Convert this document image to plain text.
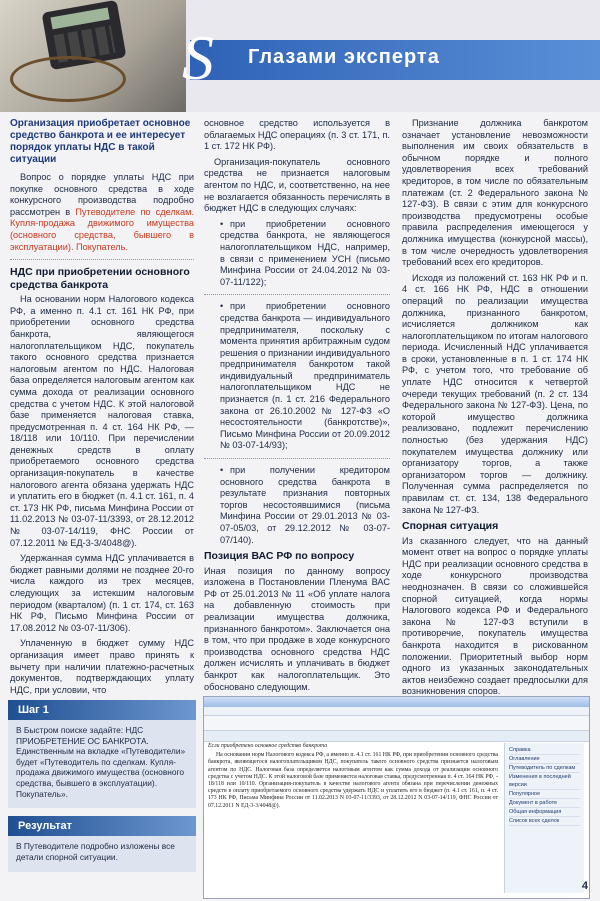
S Глазами эксперта
Организация приобретает основное средство банкрота и ее интересует порядок уплаты НДС в такой ситуации

Вопрос о порядке уплаты НДС при покупке основного средства в ходе конкурсного производства подробно рассмотрен в Путеводителе по сделкам. Купля-продажа движимого имущества (основного средства, бывшего в эксплуатации). Покупатель.

НДС при приобретении основного средства банкрота

На основании норм Налогового кодекса РФ, а именно п. 4.1 ст. 161 НК РФ, при приобретении основного средства банкрота, являющегося налогоплательщиком НДС, покупатель такого основного средства признается налоговым агентом по НДС. Налоговая база определяется налоговым агентом как сумма дохода от реализации основного средства с учетом НДС. К этой налоговой базе применяется налоговая ставка, предусмотренная п. 4 ст. 164 НК РФ, — 18/118 или 10/110. При перечислении денежных средств в оплату приобретаемого основного средства организация-покупатель в качестве налогового агента обязана удержать НДС и уплатить его в бюджет (п. 4.1 ст. 161, п. 4 ст. 173 НК РФ, письма Минфина России от 11.02.2013 № 03-07-11/3393, от 28.12.2012 № 03-07-14/119, ФНС России от 07.12.2011 № ЕД-3-3/4048@).

Удержанная сумма НДС уплачивается в бюджет равными долями не позднее 20-го числа каждого из трех месяцев, следующих за истекшим налоговым периодом (кварталом) (п. 1 ст. 174, ст. 163 НК РФ, Письмо Минфина России от 17.08.2012 № 03-07-11/306).

Уплаченную в бюджет сумму НДС организация имеет право принять к вычету при наличии платежно-расчетных документов, подтверждающих уплату НДС, при условии, что

Шаг 1
В Быстром поиске задайте: НДС ПРИОБРЕТЕНИЕ ОС БАНКРОТА. Единственным на вкладке «Путеводители» будет «Путеводитель по сделкам. Купля-продажа движимого имущества (основного средства, бывшего в эксплуатации). Покупатель».
Результат
В Путеводителе подробно изложены все детали спорной ситуации.

основное средство используется в облагаемых НДС операциях (п. 3 ст. 171, п. 1 ст. 172 НК РФ).

Организация-покупатель основного средства не признается налоговым агентом по НДС, и, соответственно, на нее не возлагается обязанность перечислять в бюджет НДС в следующих случаях:

• при приобретении основного средства банкрота, не являющегося налогоплательщиком НДС, например, в связи с применением УСН (письмо Минфина России от 24.04.2012 № 03-07-11/122);

• при приобретении основного средства банкрота — индивидуального предпринимателя, поскольку с момента принятия арбитражным судом решения о признании индивидуального предпринимателя банкротом такой индивидуальный предприниматель налогоплательщиком НДС не признается (п. 1 ст. 216 Федерального закона от 26.10.2002 № 127-ФЗ «О несостоятельности (банкротстве)», Письмо Минфина России от 20.09.2012 № 03-07-14/93);

• при получении кредитором основного средства банкрота в результате признания повторных торгов несостоявшимися (письма Минфина России от 29.01.2013 № 03-07-05/03, от 29.12.2012 № 03-07-07/140).

Позиция ВАС РФ по вопросу

Иная позиция по данному вопросу изложена в Постановлении Пленума ВАС РФ от 25.01.2013 № 11 «Об уплате налога на добавленную стоимость при реализации имущества должника, признанного банкротом». Заключается она в том, что при продаже в ходе конкурсного производства основного средства НДС должен исчислять и уплачивать в бюджет банкрот как налогоплательщик. Это обосновано следующим.

Признание должника банкротом означает установление невозможности выполнения им своих обязательств в обычном порядке и полного удовлетворения всех требований кредиторов, в том числе по обязательным платежам (ст. 2 Федерального закона № 127-ФЗ). В связи с этим для конкурсного производства предусмотрены особые правила распределения имеющегося у должника имущества (конкурсной массы), в том числе очередность удовлетворения требований всех его кредиторов.

Исходя из положений ст. 163 НК РФ и п. 4 ст. 166 НК РФ, НДС в отношении операций по реализации имущества должника, признанного банкротом, исчисляется должником как налогоплательщиком по итогам налогового периода. Исчисленный НДС уплачивается в сроки, установленные в п. 1 ст. 174 НК РФ, с учетом того, что требование об уплате НДС относится к четвертой очереди текущих требований (п. 2 ст. 134 Федерального закона № 127-ФЗ). Цена, по которой имущество должника реализовано, подлежит перечислению полностью (без удержания НДС) покупателем имущества должнику или организатору торгов, а также организатором торгов — должнику. Полученная сумма распределяется по правилам ст. ст. 134, 138 Федерального закона № 127-ФЗ.

Спорная ситуация

Из сказанного следует, что на данный момент ответ на вопрос о порядке уплаты НДС при реализации основного средства в ходе конкурсного производства неоднозначен. В связи со сложившейся спорной ситуацией, когда нормы Налогового кодекса РФ и Федерального закона № 127-ФЗ вступили в противоречие, покупатель имущества банкрота находится в рискованном положении. Приоритетный выбор норм одного из указанных законодательных актов неизбежно создает предпосылки для возникновения споров.

Если приобретено основное средство банкрота

На основании норм Налогового кодекса РФ, а именно п. 4.1 ст. 161 НК РФ, при приобретении основного средства банкрота, являющегося налогоплательщиком НДС, покупатель такого основного средства признается налоговым агентом по НДС. Налоговая база определяется налоговым агентом как сумма дохода от реализации основного средства с учетом НДС. К этой налоговой базе применяется налоговая ставка, предусмотренная п. 4 ст. 164 НК РФ, - 18/118 или 10/110. Организация-покупатель в качестве налогового агента обязана при перечислении денежных средств в оплату приобретаемого основного средства удержать НДС и уплатить его в бюджет (п. 4.1 ст. 161, п. 4 ст. 173 НК РФ, Письма Минфина России от 11.02.2013 N 03-07-11/3393, от 28.12.2012 N 03-07-14/119, ФНС России от 07.12.2011 N ЕД-3-3/4048@).

Справка
Оглавление
Путеводитель по сделкам
Изменения в последней версии
Популярное
Документ в работе
Общая информация
Список всех сделок
4
